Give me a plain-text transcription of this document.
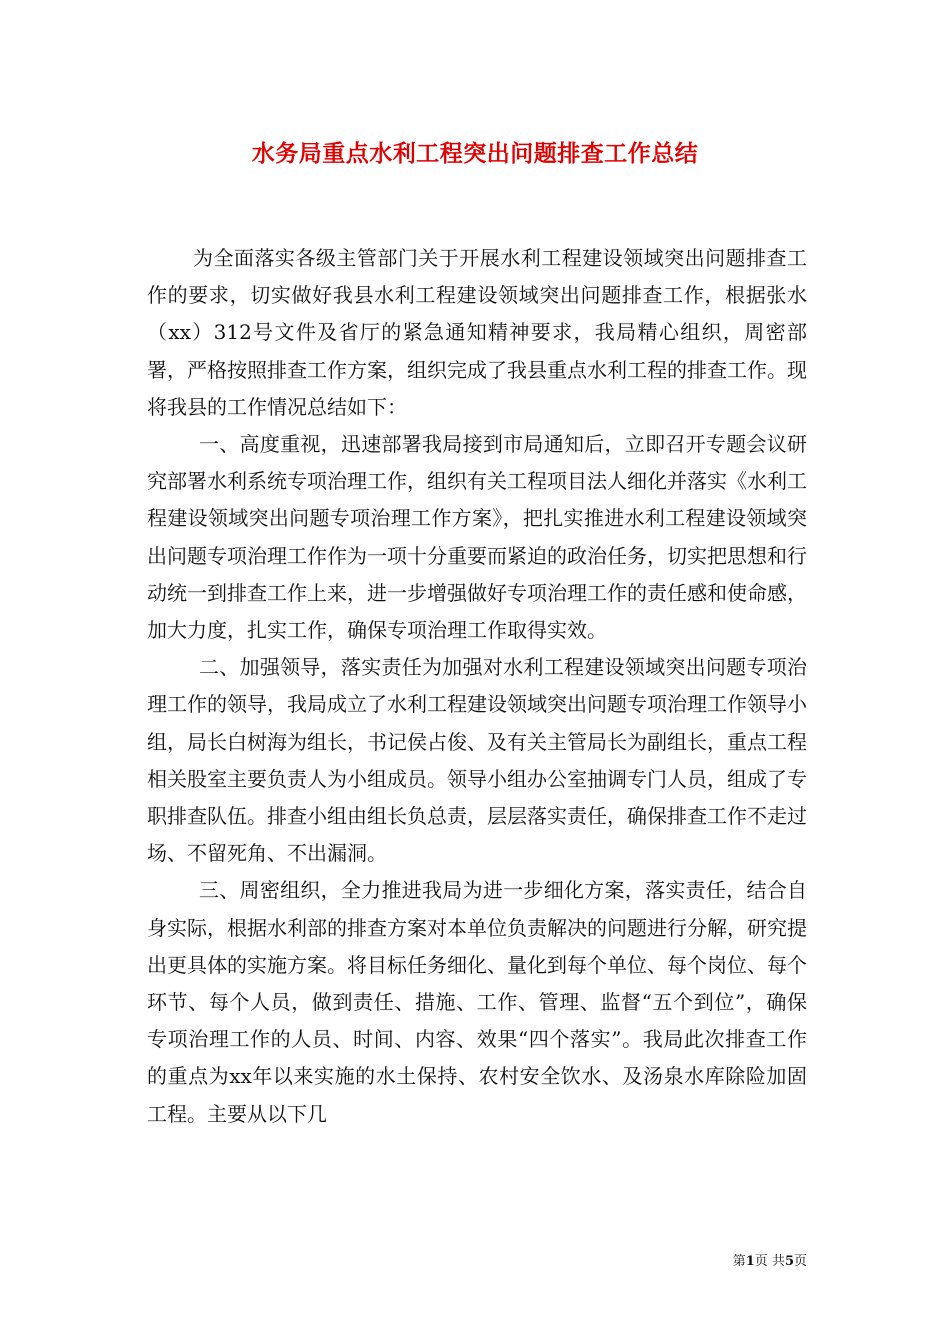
水务局重点水利工程突出问题排查工作总结

为全面落实各级主管部门关于开展水利工程建设领域突出问题排查工作的要求，切实做好我县水利工程建设领域突出问题排查工作，根据张水（xx）312号文件及省厅的紧急通知精神要求，我局精心组织，周密部署，严格按照排查工作方案，组织完成了我县重点水利工程的排查工作。现将我县的工作情况总结如下：

一、高度重视，迅速部署我局接到市局通知后，立即召开专题会议研究部署水利系统专项治理工作，组织有关工程项目法人细化并落实《水利工程建设领域突出问题专项治理工作方案》，把扎实推进水利工程建设领域突出问题专项治理工作作为一项十分重要而紧迫的政治任务，切实把思想和行动统一到排查工作上来，进一步增强做好专项治理工作的责任感和使命感，加大力度，扎实工作，确保专项治理工作取得实效。

二、加强领导，落实责任为加强对水利工程建设领域突出问题专项治理工作的领导，我局成立了水利工程建设领域突出问题专项治理工作领导小组，局长白树海为组长，书记侯占俊、及有关主管局长为副组长，重点工程相关股室主要负责人为小组成员。领导小组办公室抽调专门人员，组成了专职排查队伍。排查小组由组长负总责，层层落实责任，确保排查工作不走过场、不留死角、不出漏洞。

三、周密组织，全力推进我局为进一步细化方案，落实责任，结合自身实际，根据水利部的排查方案对本单位负责解决的问题进行分解，研究提出更具体的实施方案。将目标任务细化、量化到每个单位、每个岗位、每个环节、每个人员，做到责任、措施、工作、管理、监督“五个到位”，确保专项治理工作的人员、时间、内容、效果“四个落实”。我局此次排查工作的重点为xx年以来实施的水土保持、农村安全饮水、及汤泉水库除险加固工程。主要从以下几

第1页 共5页
